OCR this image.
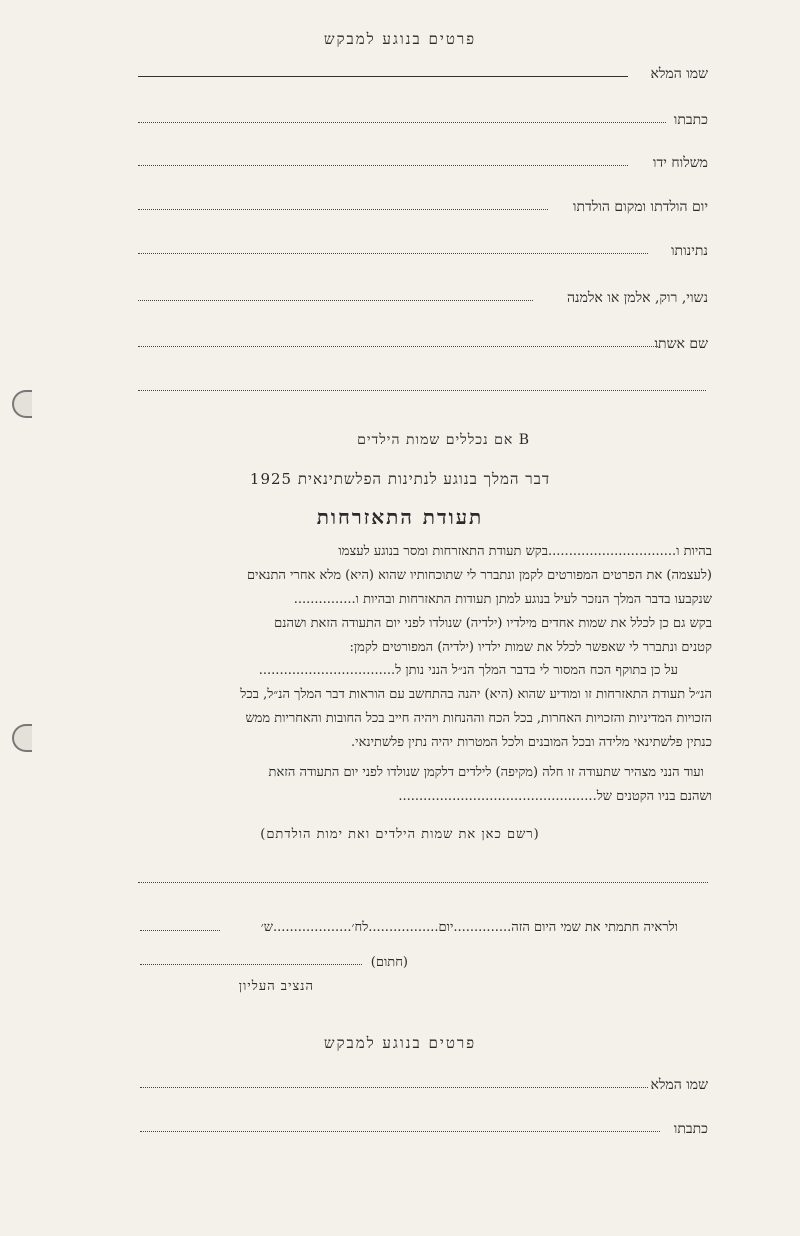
פרטים בנוגע למבקש
שמו המלא
כתבתו
משלוח ידו
יום הולדתו ומקום הולדתו
נתינותו
נשוי, רוק, אלמן או אלמנה
שם אשתו
B אם נכללים שמות הילדים
דבר המלך בנוגע לנתינות הפלשתינאית 1925
תעודת התאזרחות
בהיות ו...............................בקש תעודת התאזרחות ומסר בנוגע לעצמו
(לעצמה) את הפרטים המפורטים לקמן ונתברר לי שתוכחותיו שהוא (היא) מלא אחרי התנאים
שנקבעו בדבר המלך הנזכר לעיל בנוגע למתן תעודות התאזרחות ובהיות ו...............
בקש גם כן לכלל את שמות אחדים מילדיו (ילדיה) שנולדו לפני יום התעודה הזאת ושהנם
קטנים ונתברר לי שאפשר לכלל את שמות ילדיו (ילדיה) המפורטים לקמן:
על כן בתוקף הכח המסור לי בדבר המלך הנ״ל הנני נותן ל.................................
הנ״ל תעודת התאזרחות זו ומודיע שהוא (היא) יהנה בהתחשב עם הוראות דבר המלך הנ״ל, בכל
הזכויות המדיניות והזכויות האחרות, בכל הכח וההנחות ויהיה חייב בכל החובות והאחריות ממש
כנתין פלשתינאי מלידה ובכל המובנים ולכל המטרות יהיה נתין פלשתינאי.
ועוד הנני מצהיר שתעודה זו חלה (מקיפה) לילדים דלקמן שנולדו לפני יום התעודה הזאת
ושהנם בניו הקטנים של................................................
(רשם כאן את שמות הילדים ואת ימות הולדתם)
ולראיה חתמתי את שמי היום הזה..............יום.................לח׳...................ש׳
(חתום)
הנציב העליון
פרטים בנוגע למבקש
שמו המלא
כתבתו
